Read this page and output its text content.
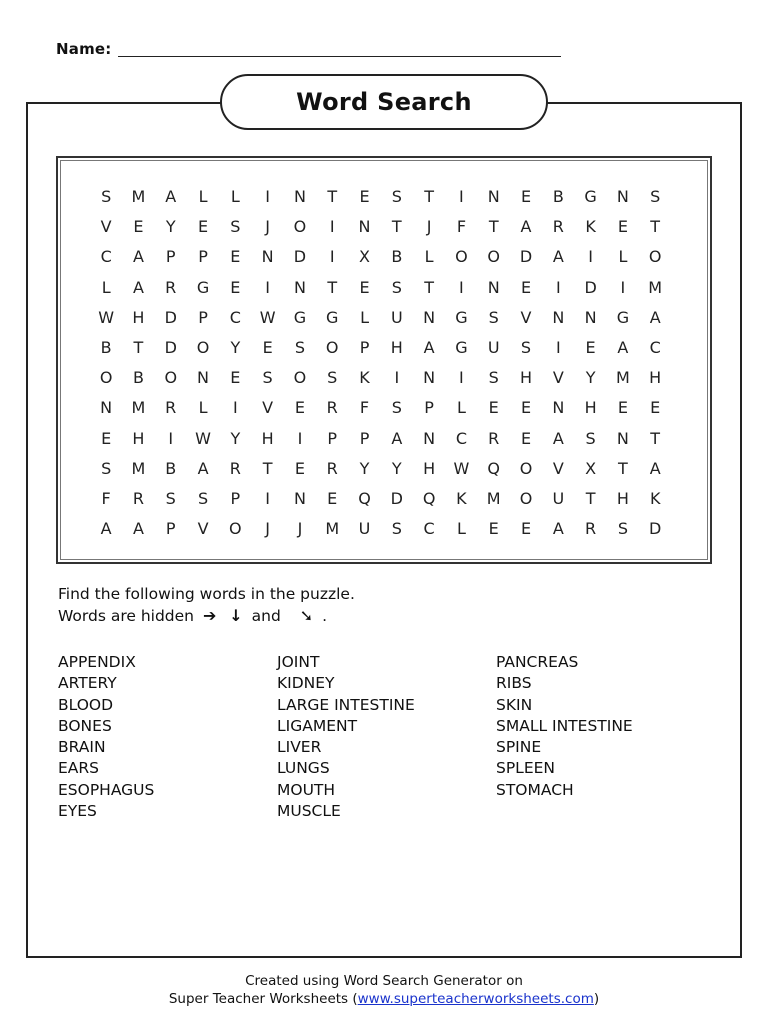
Name:
Word Search
S	M	A	L	L	I	N	T	E	S	T	I	N	E	B	G	N	S
V	E	Y	E	S	J	O	I	N	T	J	F	T	A	R	K	E	T
C	A	P	P	E	N	D	I	X	B	L	O	O	D	A	I	L	O
L	A	R	G	E	I	N	T	E	S	T	I	N	E	I	D	I	M
W	H	D	P	C	W	G	G	L	U	N	G	S	V	N	N	G	A
B	T	D	O	Y	E	S	O	P	H	A	G	U	S	I	E	A	C
O	B	O	N	E	S	O	S	K	I	N	I	S	H	V	Y	M	H
N	M	R	L	I	V	E	R	F	S	P	L	E	E	N	H	E	E
E	H	I	W	Y	H	I	P	P	A	N	C	R	E	A	S	N	T
S	M	B	A	R	T	E	R	Y	Y	H	W	Q	O	V	X	T	A
F	R	S	S	P	I	N	E	Q	D	Q	K	M	O	U	T	H	K
A	A	P	V	O	J	J	M	U	S	C	L	E	E	A	R	S	D
Find the following words in the puzzle.
Words are hidden ➔ ↓ and ➘ .
APPENDIX
ARTERY
BLOOD
BONES
BRAIN
EARS
ESOPHAGUS
EYES
JOINT
KIDNEY
LARGE INTESTINE
LIGAMENT
LIVER
LUNGS
MOUTH
MUSCLE
PANCREAS
RIBS
SKIN
SMALL INTESTINE
SPINE
SPLEEN
STOMACH
Created using Word Search Generator on
Super Teacher Worksheets (www.superteacherworksheets.com)
